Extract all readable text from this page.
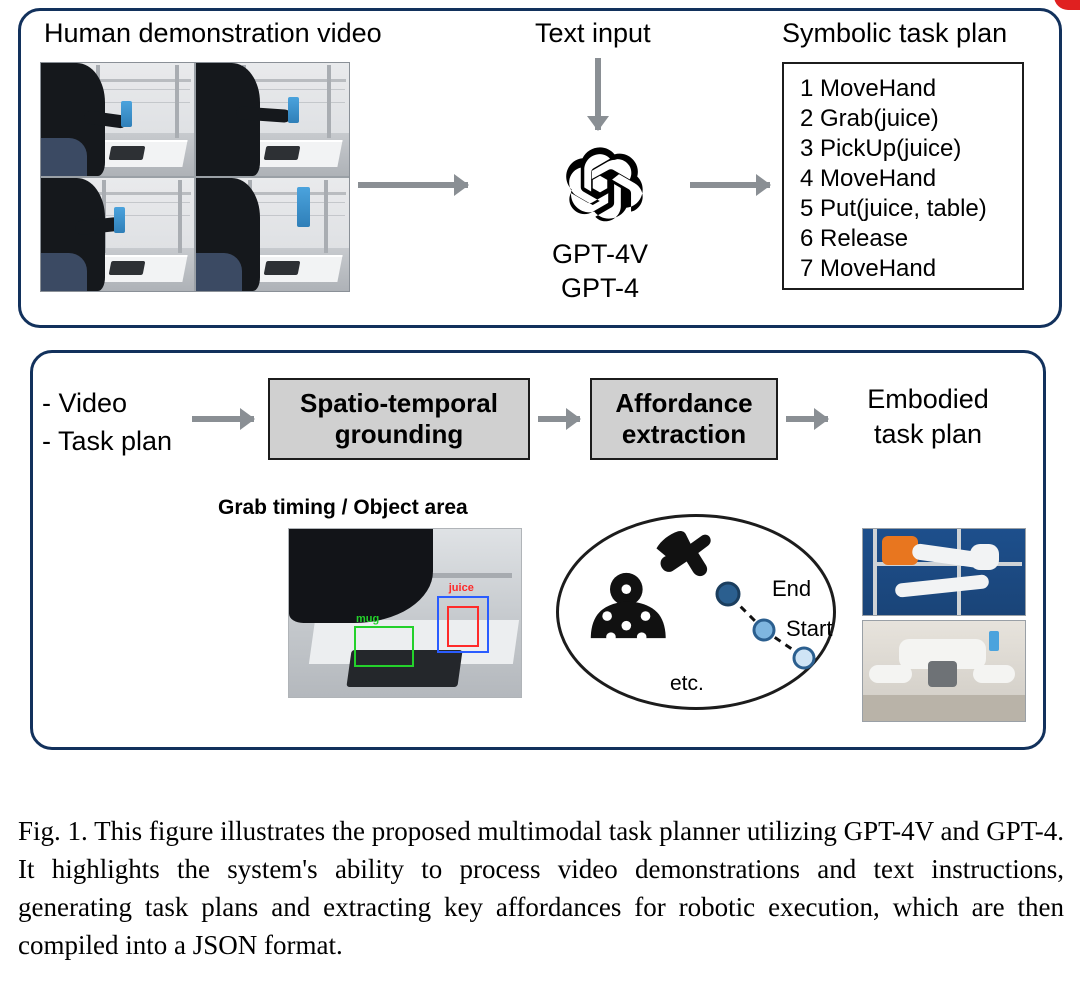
Human demonstration video	Text input	Symbolic task plan
GPT-4V
GPT-4
1 MoveHand
2 Grab(juice)
3 PickUp(juice)
4 MoveHand
5 Put(juice, table)
6 Release
7 MoveHand
- Video
- Task plan
Spatio-temporal
grounding
Affordance
extraction
Embodied
task plan
Grab timing / Object area
mug
juice	End
Start
etc.
Fig. 1. This figure illustrates the proposed multimodal task planner utilizing GPT-4V and GPT-4. It highlights the system's ability to process video demonstrations and text instructions, generating task plans and extracting key affordances for robotic execution, which are then compiled into a JSON format.
